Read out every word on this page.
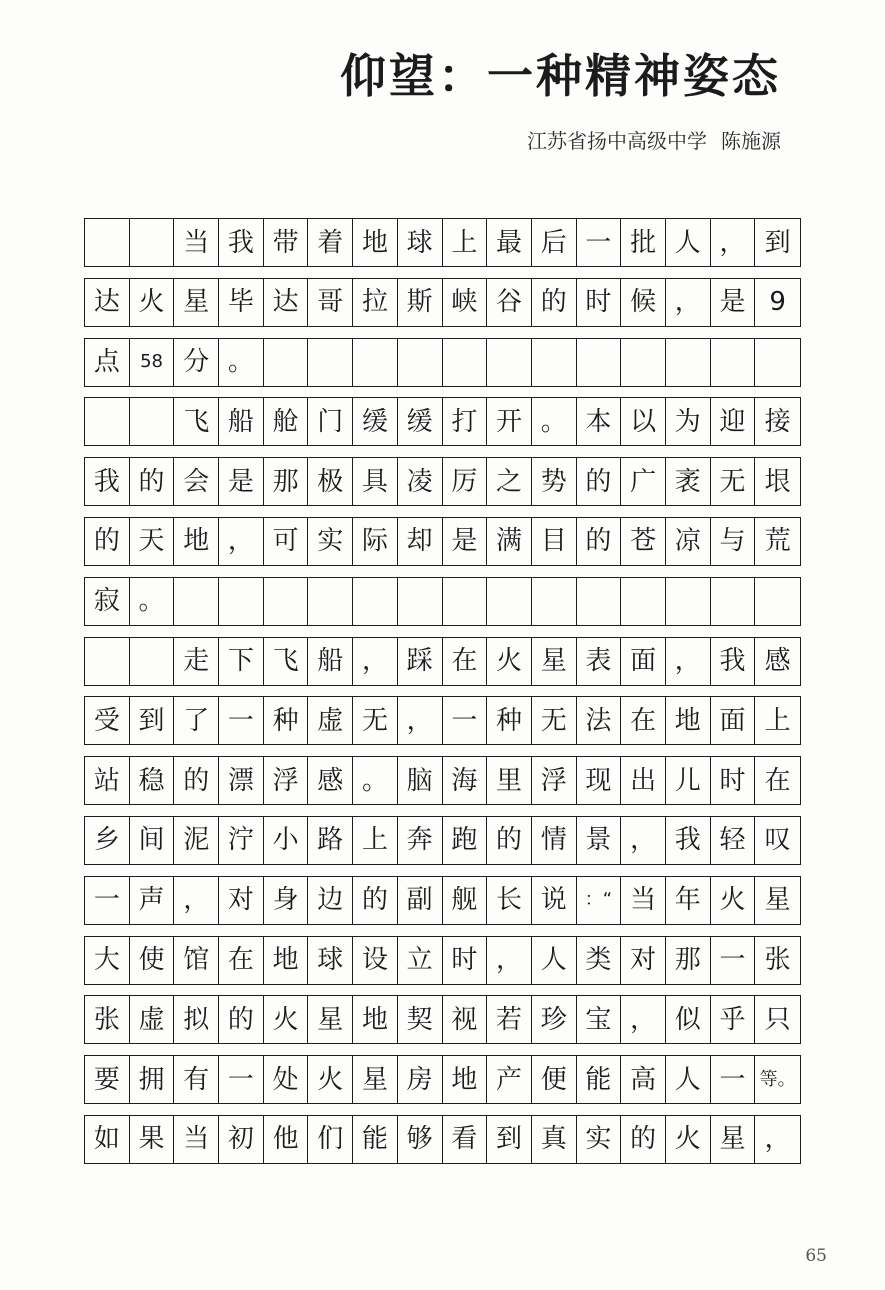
仰望：一种精神姿态
江苏省扬中高级中学 陈施源
当 我 带 着 地 球 上 最 后 一 批 人 ， 到
达 火 星 毕 达 哥 拉 斯 峡 谷 的 时 候 ， 是 9
点	58 分 。
飞 船 舱 门 缓 缓 打 开 。 本 以 为 迎 接
我 的 会 是 那 极 具 凌 厉 之 势 的 广 袤 无 垠
的 天 地 ， 可 实 际 却 是 满 目 的 苍 凉 与 荒
寂 。
走 下 飞 船 ， 踩 在 火 星 表 面 ， 我 感
受 到 了 一 种 虚 无 ， 一 种 无 法 在 地 面 上
站 稳 的 漂 浮 感 。 脑 海 里 浮 现 出 儿 时 在
乡 间 泥 泞 小 路 上 奔 跑 的 情 景 ， 我 轻 叹
一 声 ， 对 身 边 的 副 舰 长 说	：“ 当 年 火 星
大 使 馆 在 地 球 设 立 时 ， 人 类 对 那 一 张
张 虚 拟 的 火 星 地 契 视 若 珍 宝 ， 似 乎 只
要 拥 有 一 处 火 星 房 地 产 便 能 高 人 一 等。
如 果 当 初 他 们 能 够 看 到 真 实 的 火 星 ，
65
